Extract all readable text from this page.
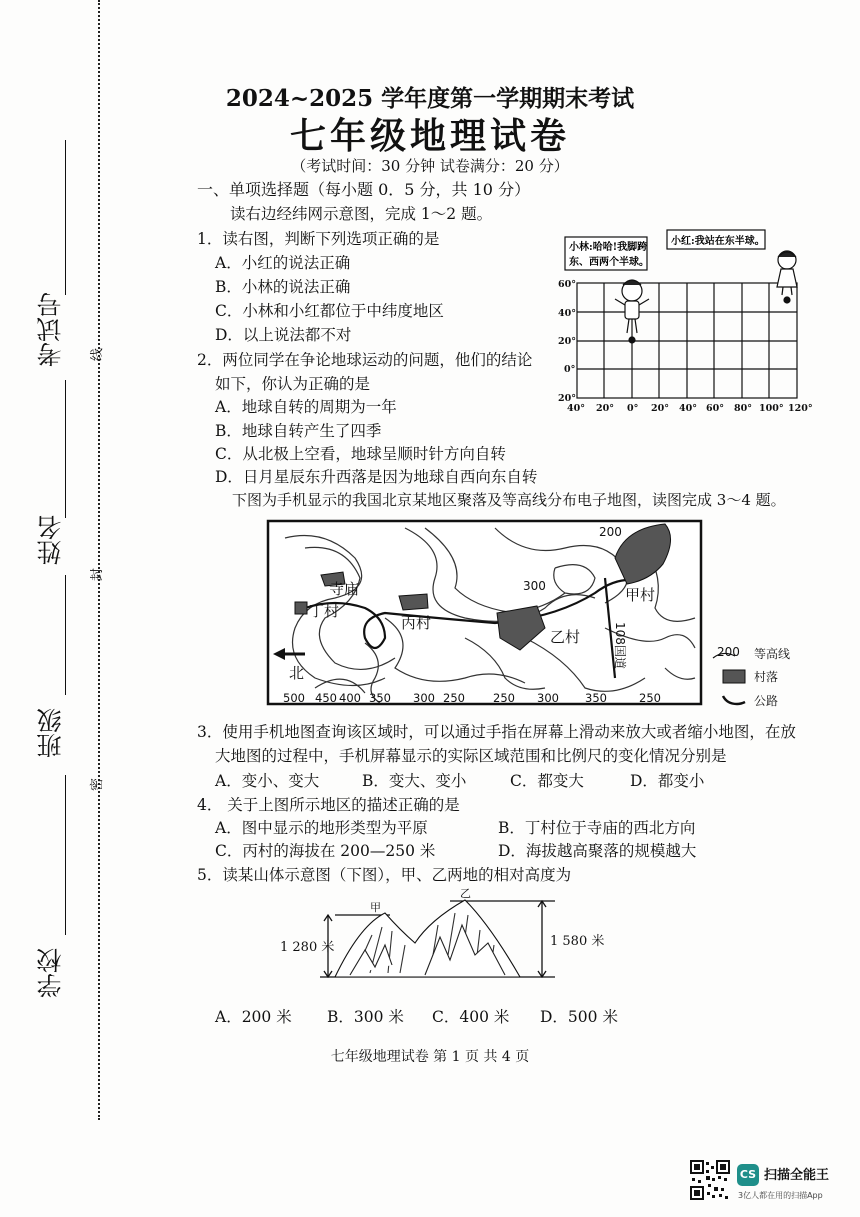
考试号
姓名
班级
学校
线
封
密
2024~2025 学年度第一学期期末考试
七年级地理试卷
（考试时间：30 分钟 试卷满分：20 分）
一、单项选择题（每小题 0．5 分，共 10 分）
读右边经纬网示意图，完成 1～2 题。
1．读右图，判断下列选项正确的是
A．小红的说法正确
B．小林的说法正确
C．小林和小红都位于中纬度地区
D．以上说法都不对
2．两位同学在争论地球运动的问题，他们的结论
如下，你认为正确的是
A．地球自转的周期为一年
B．地球自转产生了四季
C．从北极上空看，地球呈顺时针方向自转
D．日月星辰东升西落是因为地球自西向东自转
小林:哈哈!我脚跨
东、西两个半球。
小红:我站在东半球。
60°
40°
20°
0°
20°
40° 20° 0° 20° 40° 60° 80° 100° 120°
下图为手机显示的我国北京某地区聚落及等高线分布电子地图，读图完成 3～4 题。
寺庙
丁村
丙村
乙村
甲村
北
108国道
200
300
500 450 400 350 300 250 250 300 350	250
200 等高线
村落
公路
3．使用手机地图查询该区域时，可以通过手指在屏幕上滑动来放大或者缩小地图，在放
大地图的过程中，手机屏幕显示的实际区域范围和比例尺的变化情况分别是
A．变小、变大	B．变大、变小	C．都变大	D．都变小
4． 关于上图所示地区的描述正确的是
A．图中显示的地形类型为平原	B．丁村位于寺庙的西北方向
C．丙村的海拔在 200—250 米	D．海拔越高聚落的规模越大
5．读某山体示意图（下图），甲、乙两地的相对高度为
甲
乙
1 280 米	1 580 米
A．200 米 B．300 米 C．400 米 D．500 米
七年级地理试卷 第 1 页 共 4 页
CS 扫描全能王
3亿人都在用的扫描App
